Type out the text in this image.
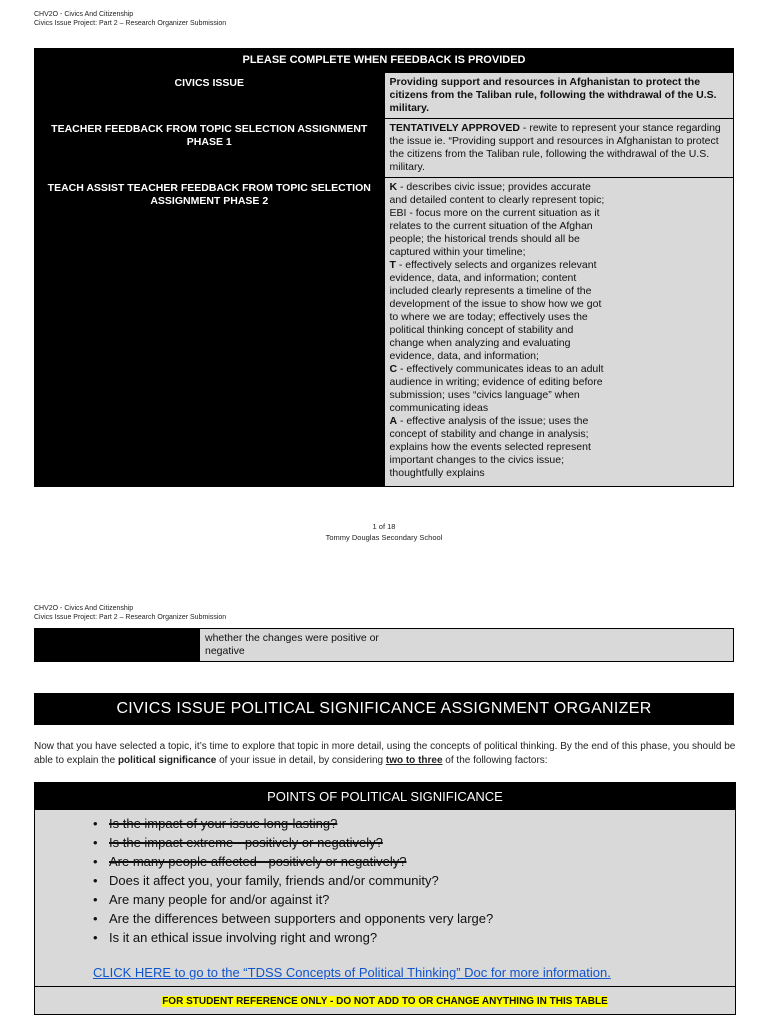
CHV2O - Civics And Citizenship
Civics Issue Project: Part 2 – Research Organizer Submission
PLEASE COMPLETE WHEN FEEDBACK IS PROVIDED	
CIVICS ISSUE	Providing support and resources in Afghanistan to protect the citizens from the Taliban rule, following the withdrawal of the U.S. military.
TEACHER FEEDBACK FROM TOPIC SELECTION ASSIGNMENT PHASE 1	TENTATIVELY APPROVED - rewite to represent your stance regarding the issue ie. “Providing support and resources in Afghanistan to protect the citizens from the Taliban rule, following the withdrawal of the U.S. military.
TEACH ASSIST TEACHER FEEDBACK FROM TOPIC SELECTION ASSIGNMENT PHASE 2	K - describes civic issue; provides accurate and detailed content to clearly represent topic; EBI - focus more on the current situation as it relates to the current situation of the Afghan people; the historical trends should all be captured within your timeline;
T - effectively selects and organizes relevant evidence, data, and information; content included clearly represents a timeline of the development of the issue to show how we got to where we are today; effectively uses the political thinking concept of stability and change when analyzing and evaluating evidence, data, and information;
C - effectively communicates ideas to an adult audience in writing; evidence of editing before submission; uses “civics language” when communicating ideas
A - effective analysis of the issue; uses the concept of stability and change in analysis; explains how the events selected represent important changes to the civics issue; thoughtfully explains
1 of 18
Tommy Douglas Secondary School
CHV2O - Civics And Citizenship
Civics Issue Project: Part 2 – Research Organizer Submission

whether the changes were positive or negative
CIVICS ISSUE POLITICAL SIGNIFICANCE ASSIGNMENT ORGANIZER
Now that you have selected a topic, it’s time to explore that topic in more detail, using the concepts of political thinking. By the end of this phase, you should be able to explain the political significance of your issue in detail, by considering two to three of the following factors:
POINTS OF POLITICAL SIGNIFICANCE
• Is the impact of your issue long-lasting?
• Is the impact extreme - positively or negatively?
• Are many people affected - positively or negatively?
• Does it affect you, your family, friends and/or community?
• Are many people for and/or against it?
• Are the differences between supporters and opponents very large?
• Is it an ethical issue involving right and wrong?
CLICK HERE to go to the “TDSS Concepts of Political Thinking” Doc for more information.
FOR STUDENT REFERENCE ONLY - DO NOT ADD TO OR CHANGE ANYTHING IN THIS TABLE
